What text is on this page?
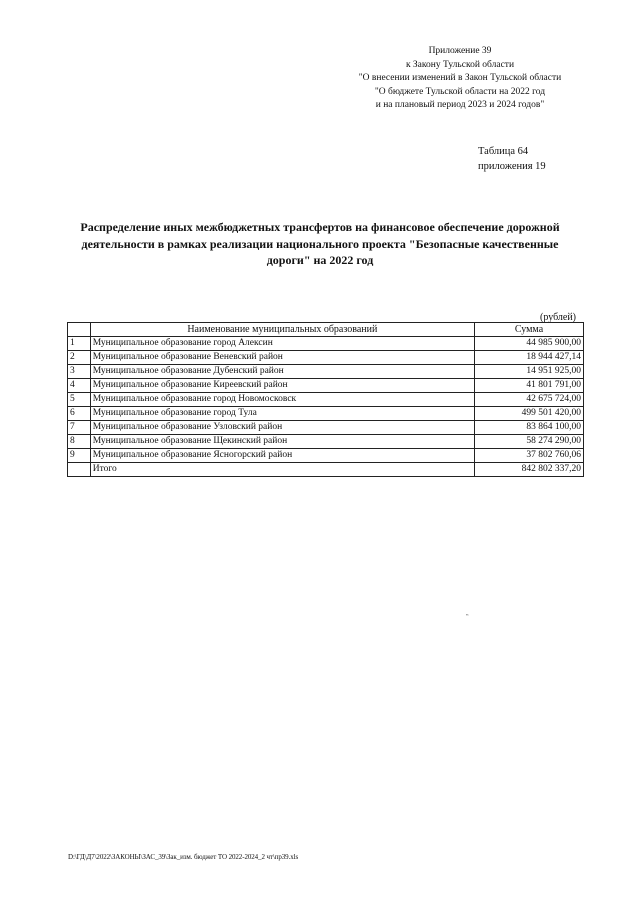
Приложение 39
к Закону Тульской области
"О внесении изменений в Закон Тульской области
"О бюджете Тульской области на 2022 год
и на плановый период 2023 и 2024 годов"
Таблица 64
приложения 19
Распределение иных межбюджетных трансфертов на финансовое обеспечение дорожной деятельности в рамках реализации национального проекта "Безопасные качественные дороги" на 2022 год
(рублей)
	Наименование муниципальных образований	Сумма
1	Муниципальное образование город Алексин	44 985 900,00
2	Муниципальное образование Веневский район	18 944 427,14
3	Муниципальное образование Дубенский район	14 951 925,00
4	Муниципальное образование Киреевский район	41 801 791,00
5	Муниципальное образование город Новомосковск	42 675 724,00
6	Муниципальное образование город Тула	499 501 420,00
7	Муниципальное образование Узловский район	83 864 100,00
8	Муниципальное образование Щекинский район	58 274 290,00
9	Муниципальное образование Ясногорский район	37 802 760,06
	Итого	842 802 337,20
‟
D:\ГД\Д7\2022\ЗАКОНЫ\ЗАС_39\Зак_изм. бюджет ТО 2022-2024_2 чт\пр39.xls
